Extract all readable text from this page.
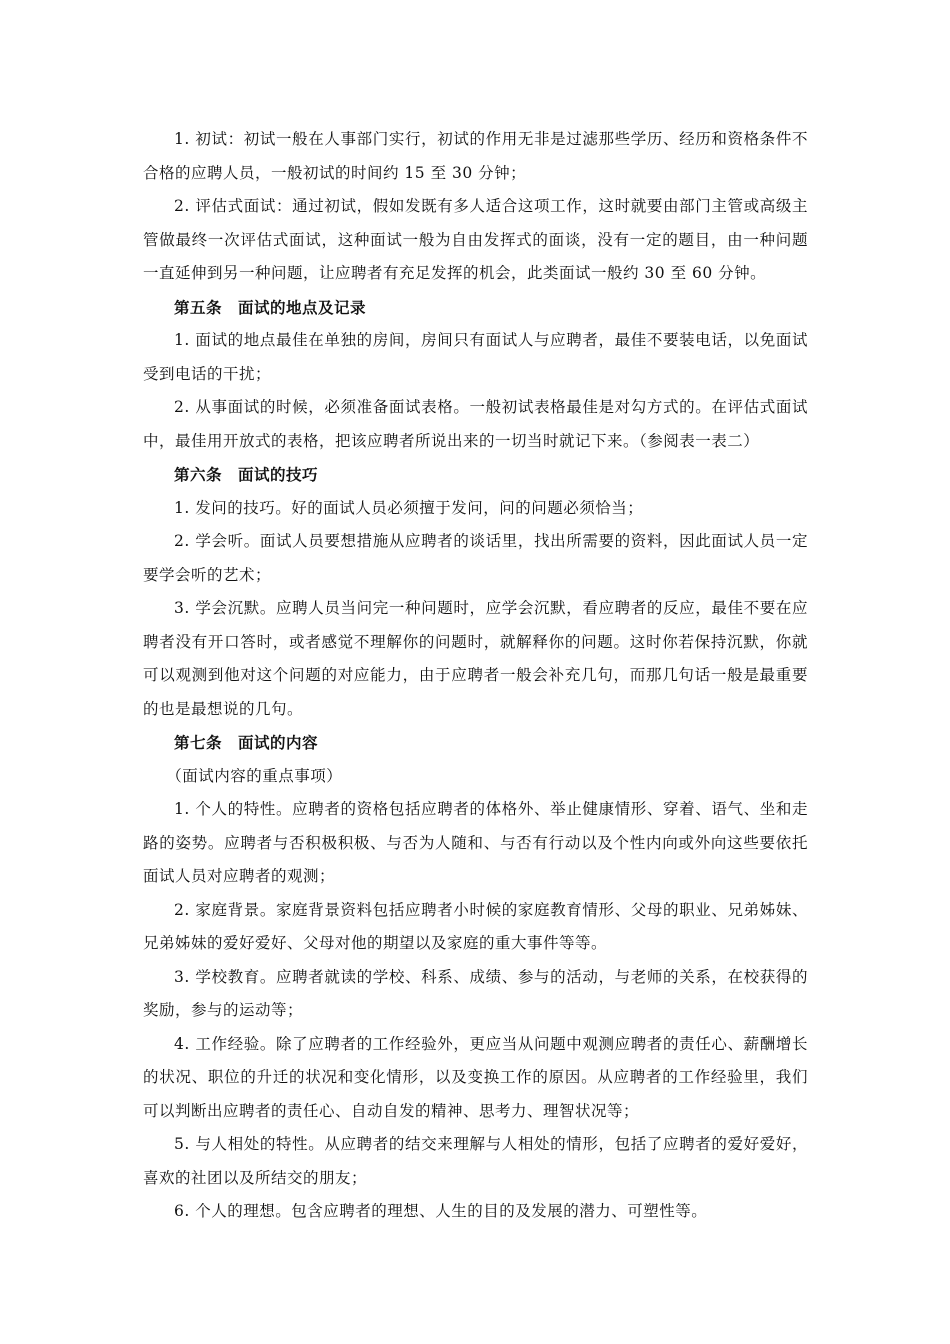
1. 初试：初试一般在人事部门实行，初试的作用无非是过滤那些学历、经历和资格条件不合格的应聘人员，一般初试的时间约 15 至 30 分钟；

2. 评估式面试：通过初试，假如发既有多人适合这项工作，这时就要由部门主管或高级主管做最终一次评估式面试，这种面试一般为自由发挥式的面谈，没有一定的题目，由一种问题一直延伸到另一种问题，让应聘者有充足发挥的机会，此类面试一般约 30 至 60 分钟。

第五条　面试的地点及记录

1. 面试的地点最佳在单独的房间，房间只有面试人与应聘者，最佳不要装电话，以免面试受到电话的干扰；

2. 从事面试的时候，必须准备面试表格。一般初试表格最佳是对勾方式的。在评估式面试中，最佳用开放式的表格，把该应聘者所说出来的一切当时就记下来。（参阅表一表二）

第六条　面试的技巧

1. 发问的技巧。好的面试人员必须擅于发问，问的问题必须恰当；

2. 学会听。面试人员要想措施从应聘者的谈话里，找出所需要的资料，因此面试人员一定要学会听的艺术；

3. 学会沉默。应聘人员当问完一种问题时，应学会沉默，看应聘者的反应，最佳不要在应聘者没有开口答时，或者感觉不理解你的问题时，就解释你的问题。这时你若保持沉默，你就可以观测到他对这个问题的对应能力，由于应聘者一般会补充几句，而那几句话一般是最重要的也是最想说的几句。

第七条　面试的内容

（面试内容的重点事项）

1. 个人的特性。应聘者的资格包括应聘者的体格外、举止健康情形、穿着、语气、坐和走路的姿势。应聘者与否积极积极、与否为人随和、与否有行动以及个性内向或外向这些要依托面试人员对应聘者的观测；

2. 家庭背景。家庭背景资料包括应聘者小时候的家庭教育情形、父母的职业、兄弟姊妹、兄弟姊妹的爱好爱好、父母对他的期望以及家庭的重大事件等等。

3. 学校教育。应聘者就读的学校、科系、成绩、参与的活动，与老师的关系，在校获得的奖励，参与的运动等；

4. 工作经验。除了应聘者的工作经验外，更应当从问题中观测应聘者的责任心、薪酬增长的状况、职位的升迁的状况和变化情形，以及变换工作的原因。从应聘者的工作经验里，我们可以判断出应聘者的责任心、自动自发的精神、思考力、理智状况等；

5. 与人相处的特性。从应聘者的结交来理解与人相处的情形，包括了应聘者的爱好爱好，喜欢的社团以及所结交的朋友；

6. 个人的理想。包含应聘者的理想、人生的目的及发展的潜力、可塑性等。
